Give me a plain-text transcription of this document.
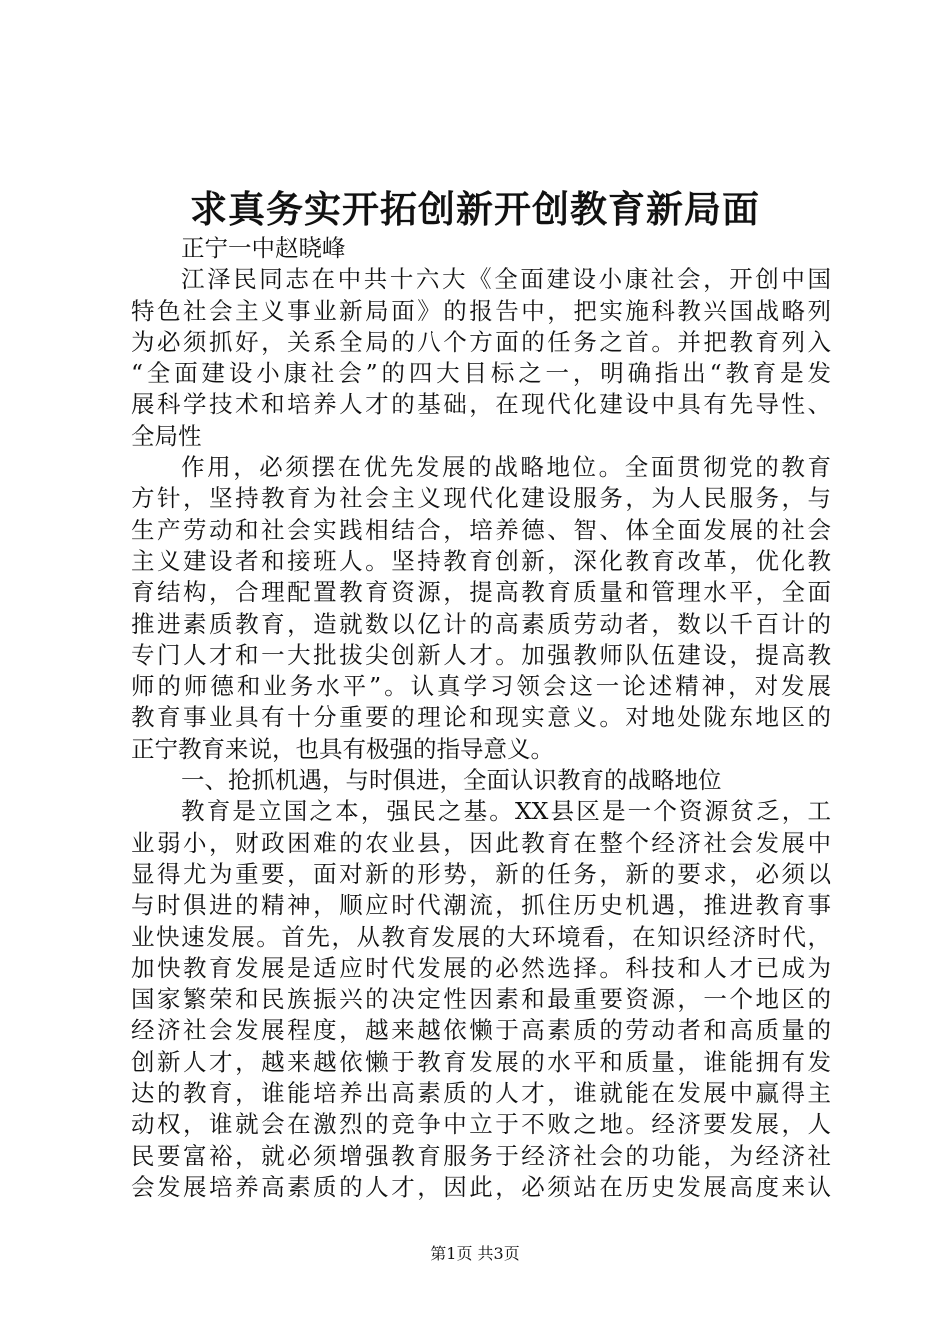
求真务实开拓创新开创教育新局面
正宁一中赵晓峰
江泽民同志在中共十六大《全面建设小康社会，开创中国
特色社会主义事业新局面》的报告中，把实施科教兴国战略列
为必须抓好，关系全局的八个方面的任务之首。并把教育列入
“全面建设小康社会”的四大目标之一，明确指出“教育是发
展科学技术和培养人才的基础，在现代化建设中具有先导性、
全局性
作用，必须摆在优先发展的战略地位。全面贯彻党的教育
方针，坚持教育为社会主义现代化建设服务，为人民服务，与
生产劳动和社会实践相结合，培养德、智、体全面发展的社会
主义建设者和接班人。坚持教育创新，深化教育改革，优化教
育结构，合理配置教育资源，提高教育质量和管理水平，全面
推进素质教育，造就数以亿计的高素质劳动者，数以千百计的
专门人才和一大批拔尖创新人才。加强教师队伍建设，提高教
师的师德和业务水平”。认真学习领会这一论述精神，对发展
教育事业具有十分重要的理论和现实意义。对地处陇东地区的
正宁教育来说，也具有极强的指导意义。
一、抢抓机遇，与时俱进，全面认识教育的战略地位
教育是立国之本，强民之基。XX县区是一个资源贫乏，工
业弱小，财政困难的农业县，因此教育在整个经济社会发展中
显得尤为重要，面对新的形势，新的任务，新的要求，必须以
与时俱进的精神，顺应时代潮流，抓住历史机遇，推进教育事
业快速发展。首先，从教育发展的大环境看，在知识经济时代，
加快教育发展是适应时代发展的必然选择。科技和人才已成为
国家繁荣和民族振兴的决定性因素和最重要资源，一个地区的
经济社会发展程度，越来越依懒于高素质的劳动者和高质量的
创新人才，越来越依懒于教育发展的水平和质量，谁能拥有发
达的教育，谁能培养出高素质的人才，谁就能在发展中赢得主
动权，谁就会在激烈的竞争中立于不败之地。经济要发展，人
民要富裕，就必须增强教育服务于经济社会的功能，为经济社
会发展培养高素质的人才，因此，必须站在历史发展高度来认
第1页 共3页
